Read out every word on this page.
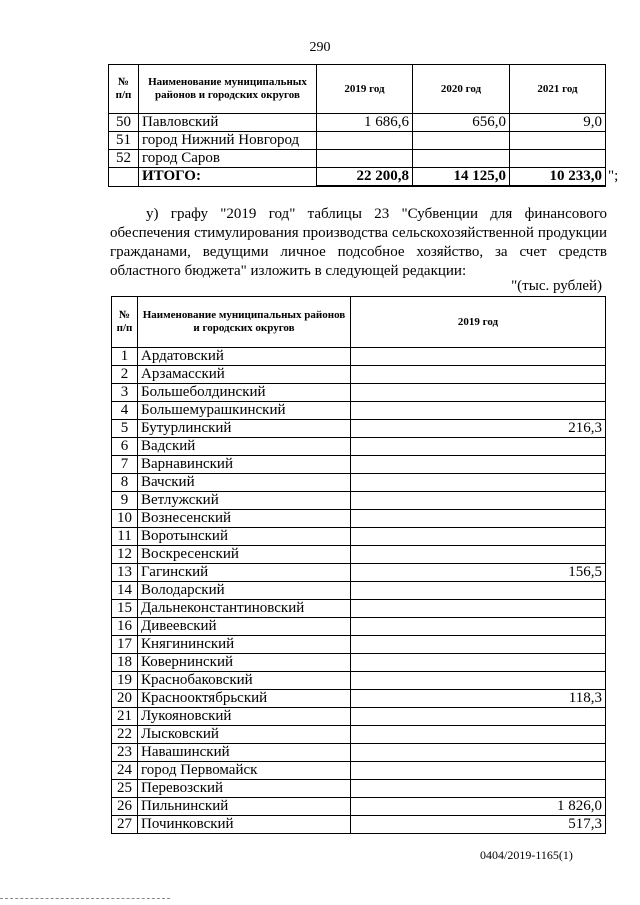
290
№ п/п	Наименование муниципальных районов и городских округов	2019 год	2020 год	2021 год
50	Павловский	1 686,6	656,0	9,0
51	город Нижний Новгород			
52	город Саров			
	ИТОГО:	22 200,8	14 125,0	10 233,0 ";
у) графу "2019 год" таблицы 23 "Субвенции для финансового обеспечения стимулирования производства сельскохозяйственной продукции гражданами, ведущими личное подсобное хозяйство, за счет средств областного бюджета" изложить в следующей редакции:
"(тыс. рублей)
№ п/п	Наименование муниципальных районов и городских округов	2019 год
1	Ардатовский	
2	Арзамасский	
3	Большеболдинский	
4	Большемурашкинский	
5	Бутурлинский	216,3
6	Вадский	
7	Варнавинский	
8	Вачский	
9	Ветлужский	
10	Вознесенский	
11	Воротынский	
12	Воскресенский	
13	Гагинский	156,5
14	Володарский	
15	Дальнеконстантиновский	
16	Дивеевский	
17	Княгининский	
18	Ковернинский	
19	Краснобаковский	
20	Краснооктябрьский	118,3
21	Лукояновский	
22	Лысковский	
23	Навашинский	
24	город Первомайск	
25	Перевозский	
26	Пильнинский	1 826,0
27	Починковский	517,3
0404/2019-1165(1)
